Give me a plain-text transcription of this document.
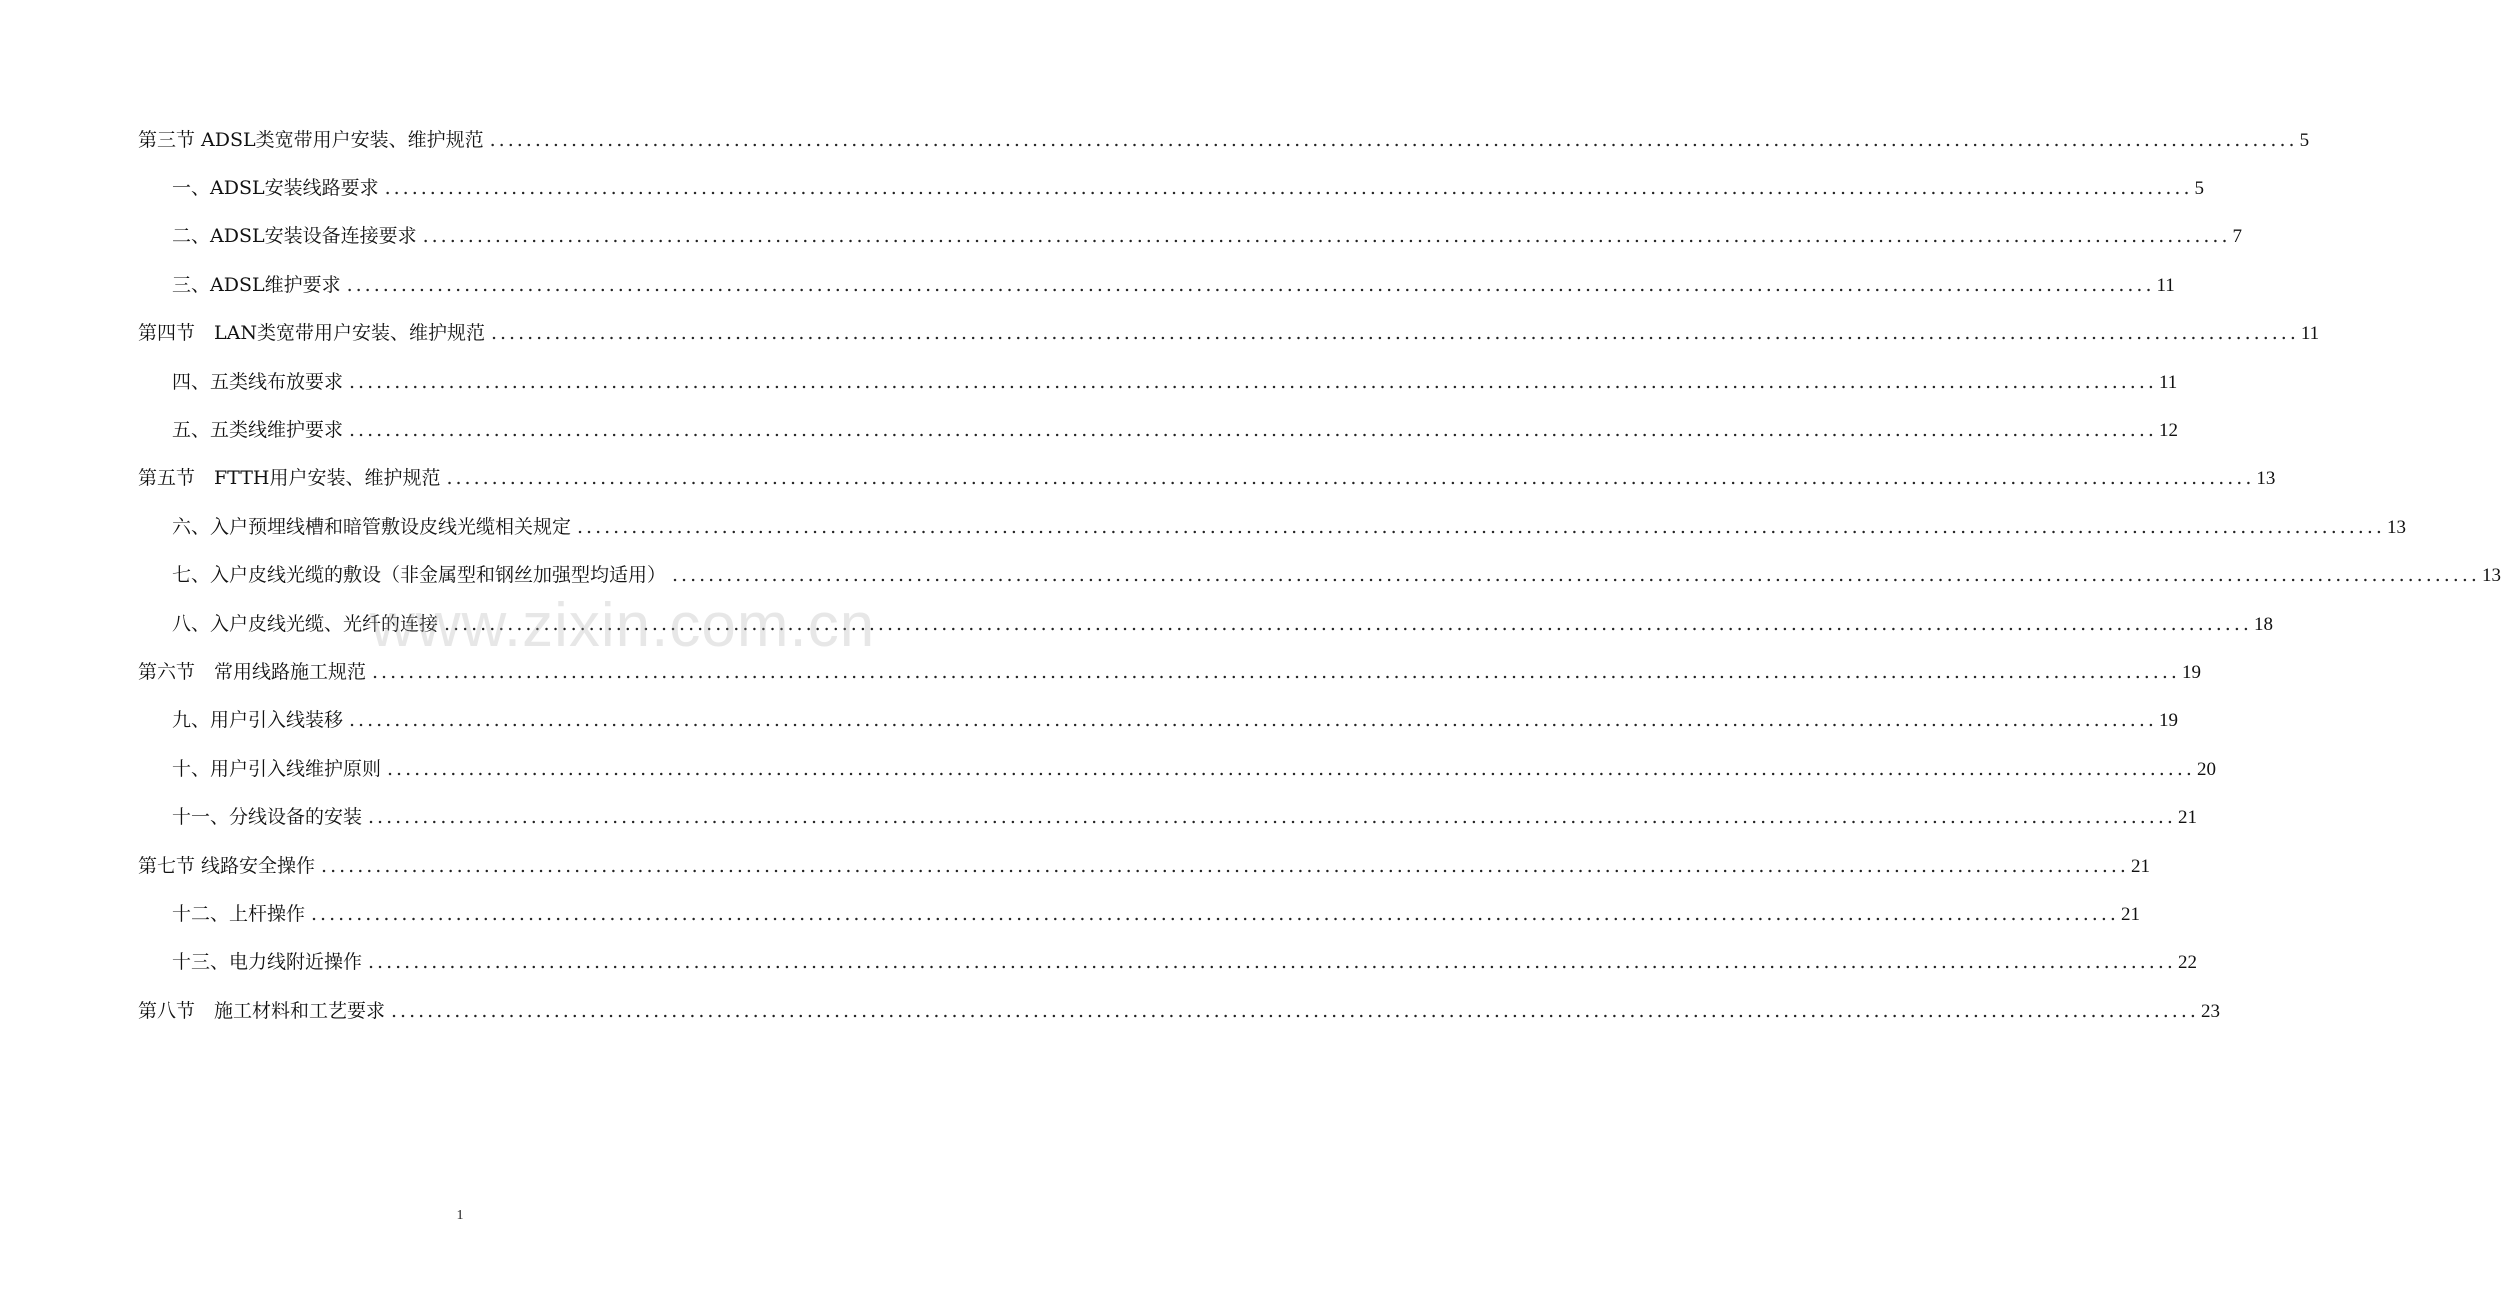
第三节 ADSL类宽带用户安装、维护规范 ........................................................................................................................................................................................................ 5
一、ADSL安装线路要求 ........................................................................................................................................................................................................ 5
二、ADSL安装设备连接要求 ........................................................................................................................................................................................................ 7
三、ADSL维护要求 ........................................................................................................................................................................................................ 11
第四节　LAN类宽带用户安装、维护规范 ........................................................................................................................................................................................................ 11
四、五类线布放要求 ........................................................................................................................................................................................................ 11
五、五类线维护要求 ........................................................................................................................................................................................................ 12
第五节　FTTH用户安装、维护规范 ........................................................................................................................................................................................................ 13
六、入户预埋线槽和暗管敷设皮线光缆相关规定 ........................................................................................................................................................................................................ 13
七、入户皮线光缆的敷设（非金属型和钢丝加强型均适用） ........................................................................................................................................................................................................ 13
八、入户皮线光缆、光纤的连接 ........................................................................................................................................................................................................ 18
第六节　常用线路施工规范 ........................................................................................................................................................................................................ 19
九、用户引入线装移 ........................................................................................................................................................................................................ 19
十、用户引入线维护原则 ........................................................................................................................................................................................................ 20
十一、分线设备的安装 ........................................................................................................................................................................................................ 21
第七节 线路安全操作 ........................................................................................................................................................................................................ 21
十二、上杆操作 ........................................................................................................................................................................................................ 21
十三、电力线附近操作 ........................................................................................................................................................................................................ 22
第八节　施工材料和工艺要求 ........................................................................................................................................................................................................ 23
www.zixin.com.cn
1
